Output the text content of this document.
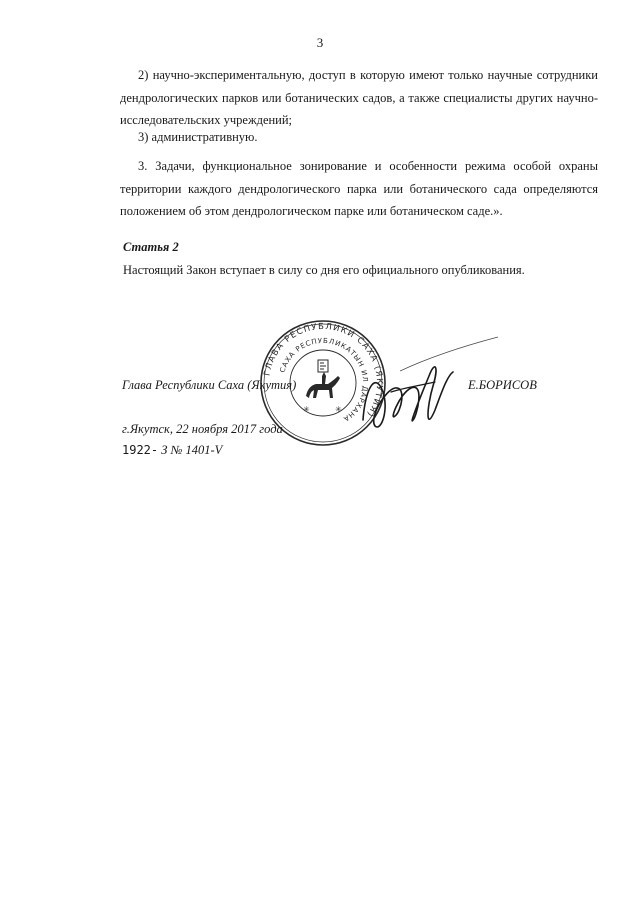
3

2) научно-экспериментальную, доступ в которую имеют только научные сотрудники дендрологических парков или ботанических садов, а также специалисты других научно-исследовательских учреждений;

3) административную.

3. Задачи, функциональное зонирование и особенности режима особой охраны территории каждого дендрологического парка или ботанического сада определяются положением об этом дендрологическом парке или ботаническом саде.».

Статья 2
Настоящий Закон вступает в силу со дня его официального опубликования.
ГЛАВА РЕСПУБЛИКИ САХА (ЯКУТИЯ)
САХА РЕСПУБЛИКАТЫН ИЛ ДАРХАНА
✳	✳
Глава Республики Саха (Якутия)	Е.БОРИСОВ
г.Якутск, 22 ноября 2017 года
1922- З № 1401-V
